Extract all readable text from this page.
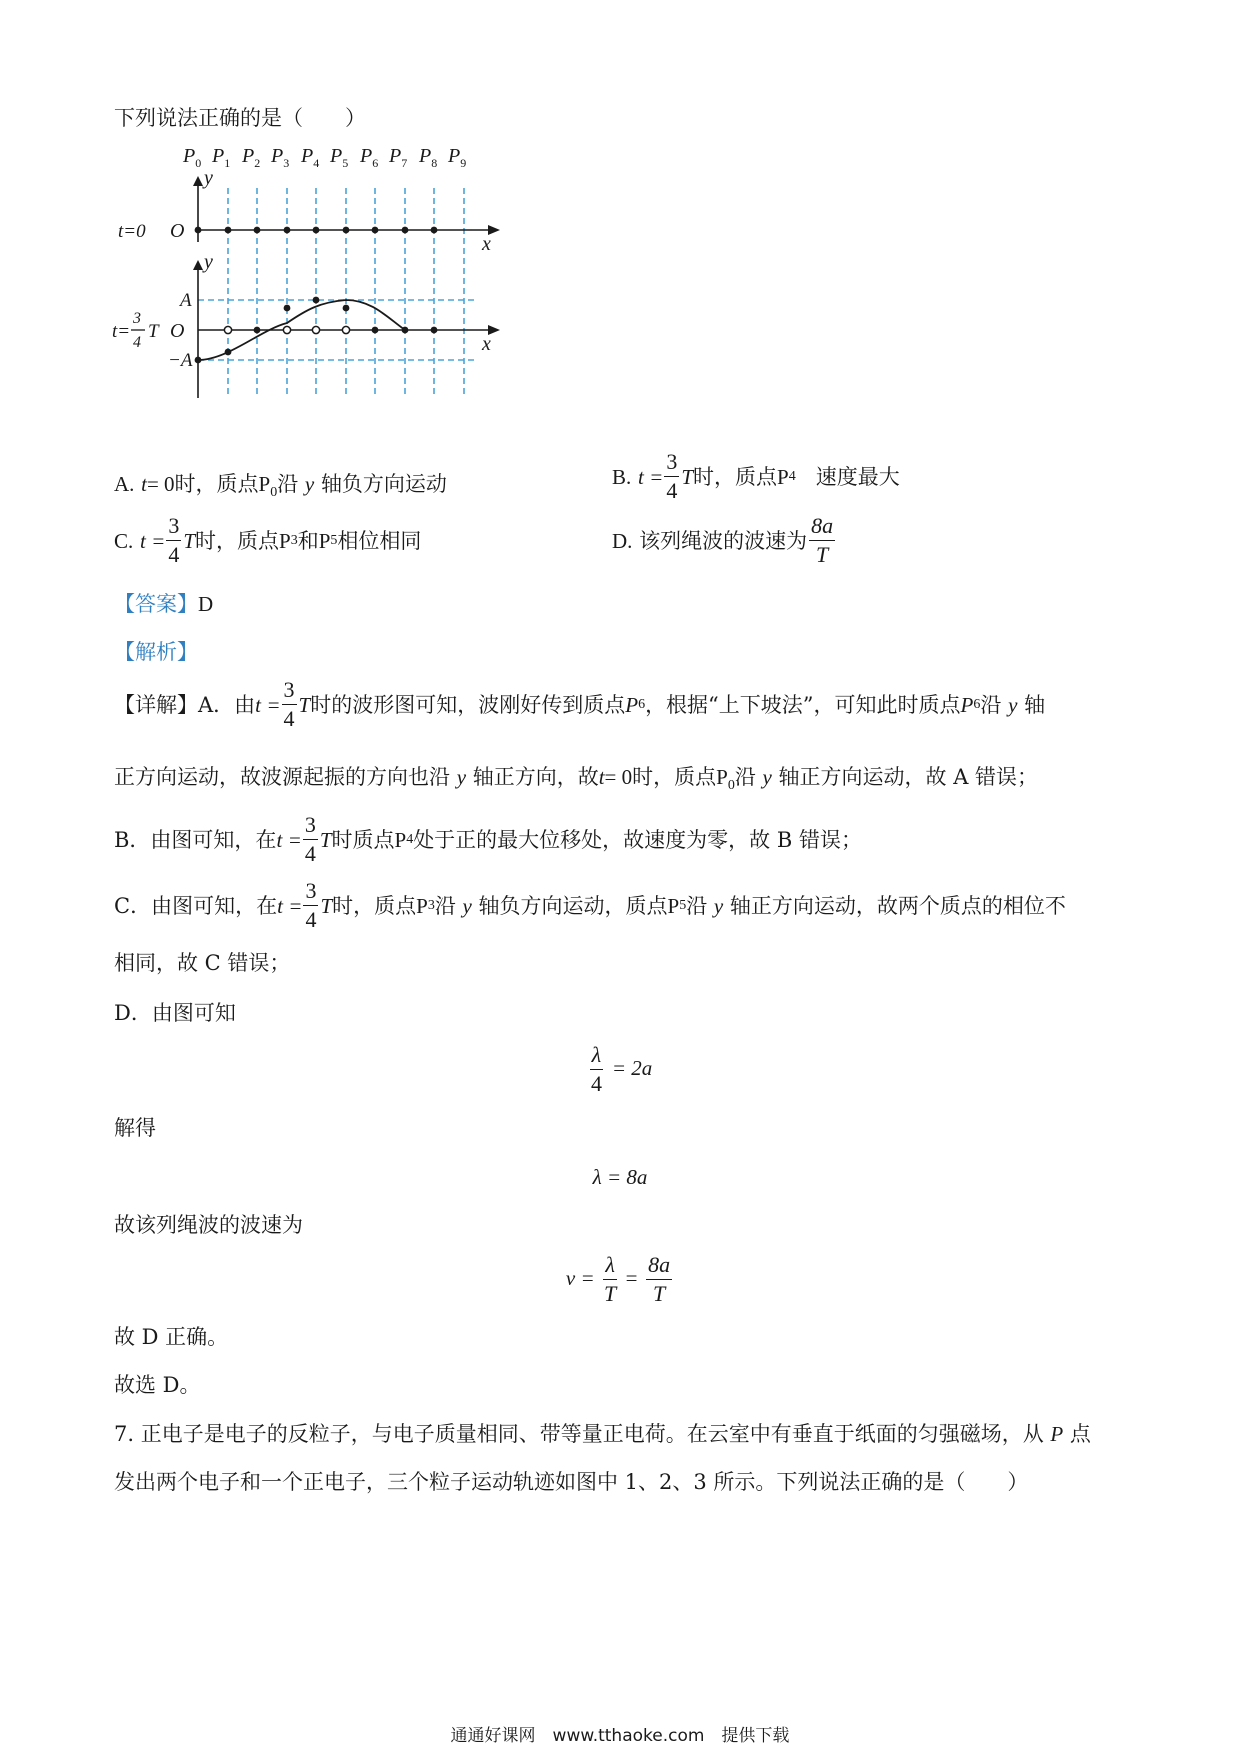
下列说法正确的是（　　）
$P_0$ $P_1$ $P_2$ $P_3$ $P_4$ $P_5$ $P_6$ $P_7$ $P_8$ $P_9$
y
x
O
t=0
y
x
O
A
−A
t=
3
4
T
A. t= 0时，质点$P_0$沿 y 轴负方向运动	B.
t
= $\frac{3}{4}$ T 时，质点 P 4
速度最大
C.
t
= $\frac{3}{4}$ T 时，质点 P 3 和 P 5 相位相同	D.
该列绳波的波速为 $\frac{8a}{T}$
【答案】D
【解析】
【详解】 A．由 t
= $\frac{3}{4}$ T 时的波形图可知，波刚好传到质点 P 6 ，根据“上下坡法”，可知此时质点 P 6 沿
y
轴
正方向运动，故波源起振的方向也沿 y 轴正方向，故t= 0时，质点$P_0$沿 y 轴正方向运动，故 A 错误；
B．由图可知，在 t
= $\frac{3}{4}$ T 时质点 P 4 处于正的最大位移处，故速度为零，故 B 错误；
C．由图可知，在 t
= $\frac{3}{4}$ T 时，质点 P 3 沿
y
轴负方向运动，质点 P 5 沿
y
轴正方向运动，故两个质点的相位不
相同，故 C 错误；
D．由图可知
$\frac{\lambda}{4} = 2a$
解得
λ = 8a
故该列绳波的波速为
$v = \frac{\lambda}{T} = \frac{8a}{T}$
故 D 正确。
故选 D。
7. 正电子是电子的反粒子，与电子质量相同、带等量正电荷。在云室中有垂直于纸面的匀强磁场，从 P 点
发出两个电子和一个正电子，三个粒子运动轨迹如图中 1、2、3 所示。下列说法正确的是（　　）
通通好课网　www.tthaoke.com　提供下载
